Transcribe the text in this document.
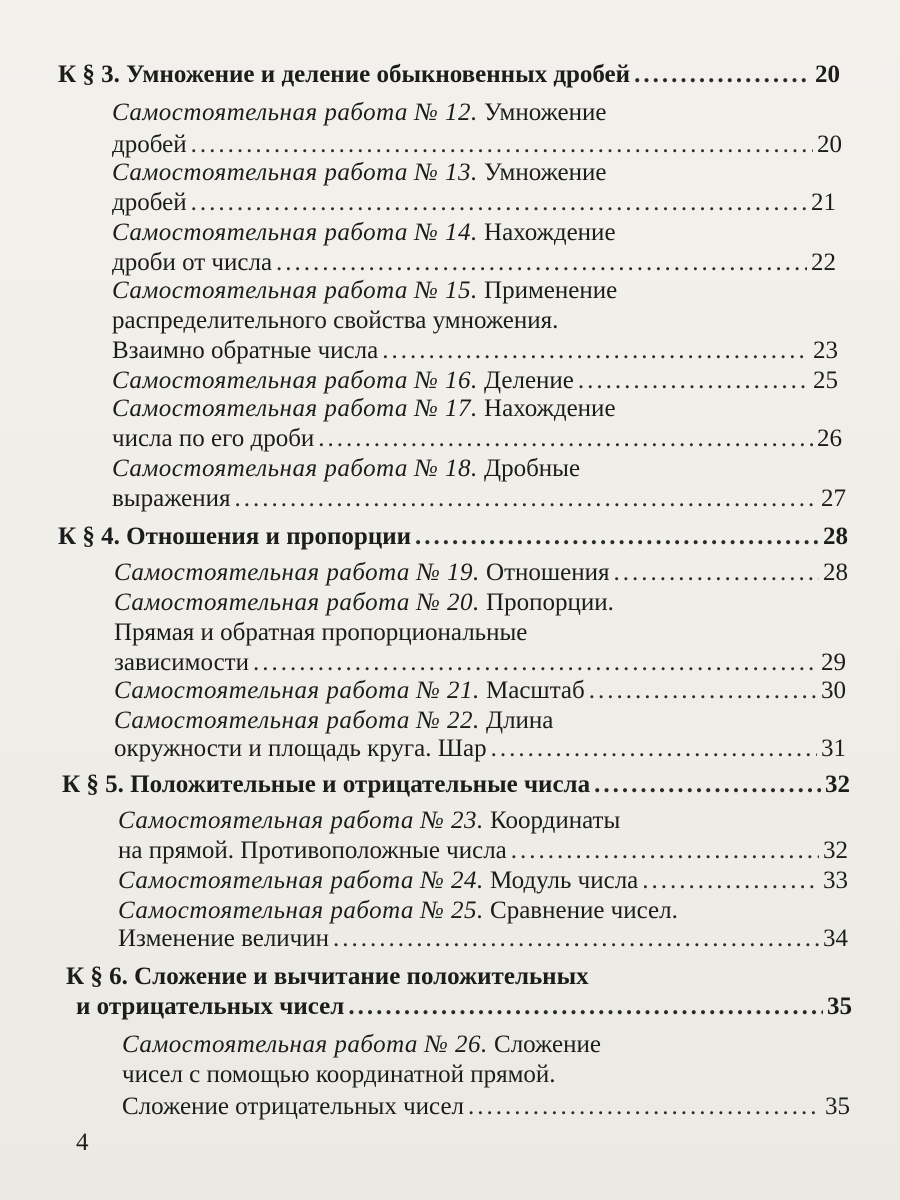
К § 3. Умножение и деление обыкновенных дробей .....	20
Самостоятельная работа № 12. Умножение
дробей .....	20
Самостоятельная работа № 13. Умножение
дробей .....	21
Самостоятельная работа № 14. Нахождение
дроби от числа .....	22
Самостоятельная работа № 15. Применение
распределительного свойства умножения.
Взаимно обратные числа .....	23
Самостоятельная работа № 16. Деление .....	25
Самостоятельная работа № 17. Нахождение
числа по его дроби .....	26
Самостоятельная работа № 18. Дробные
выражения .....	27
К § 4. Отношения и пропорции .....	28
Самостоятельная работа № 19. Отношения .....	28
Самостоятельная работа № 20. Пропорции.
Прямая и обратная пропорциональные
зависимости .....	29
Самостоятельная работа № 21. Масштаб .....	30
Самостоятельная работа № 22. Длина
окружности и площадь круга. Шар .....	31
К § 5. Положительные и отрицательные числа .....	32
Самостоятельная работа № 23. Координаты
на прямой. Противоположные числа .....	32
Самостоятельная работа № 24. Модуль числа .....	33
Самостоятельная работа № 25. Сравнение чисел.
Изменение величин .....	34
К § 6. Сложение и вычитание положительных
и отрицательных чисел .....	35
Самостоятельная работа № 26. Сложение
чисел с помощью координатной прямой.
Сложение отрицательных чисел .....	35
4
